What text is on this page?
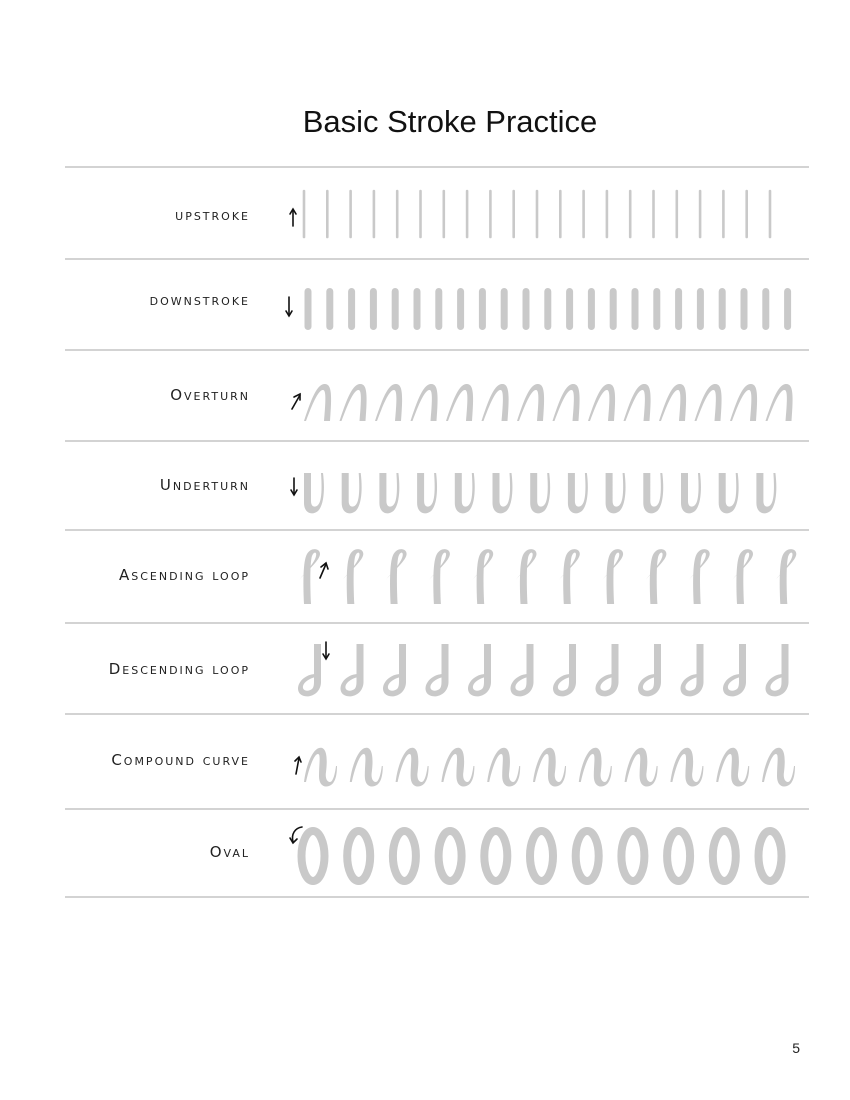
Basic Stroke Practice
upstroke
downstroke
Overturn
Underturn
Ascending loop
Descending loop
Compound curve
Oval
5
